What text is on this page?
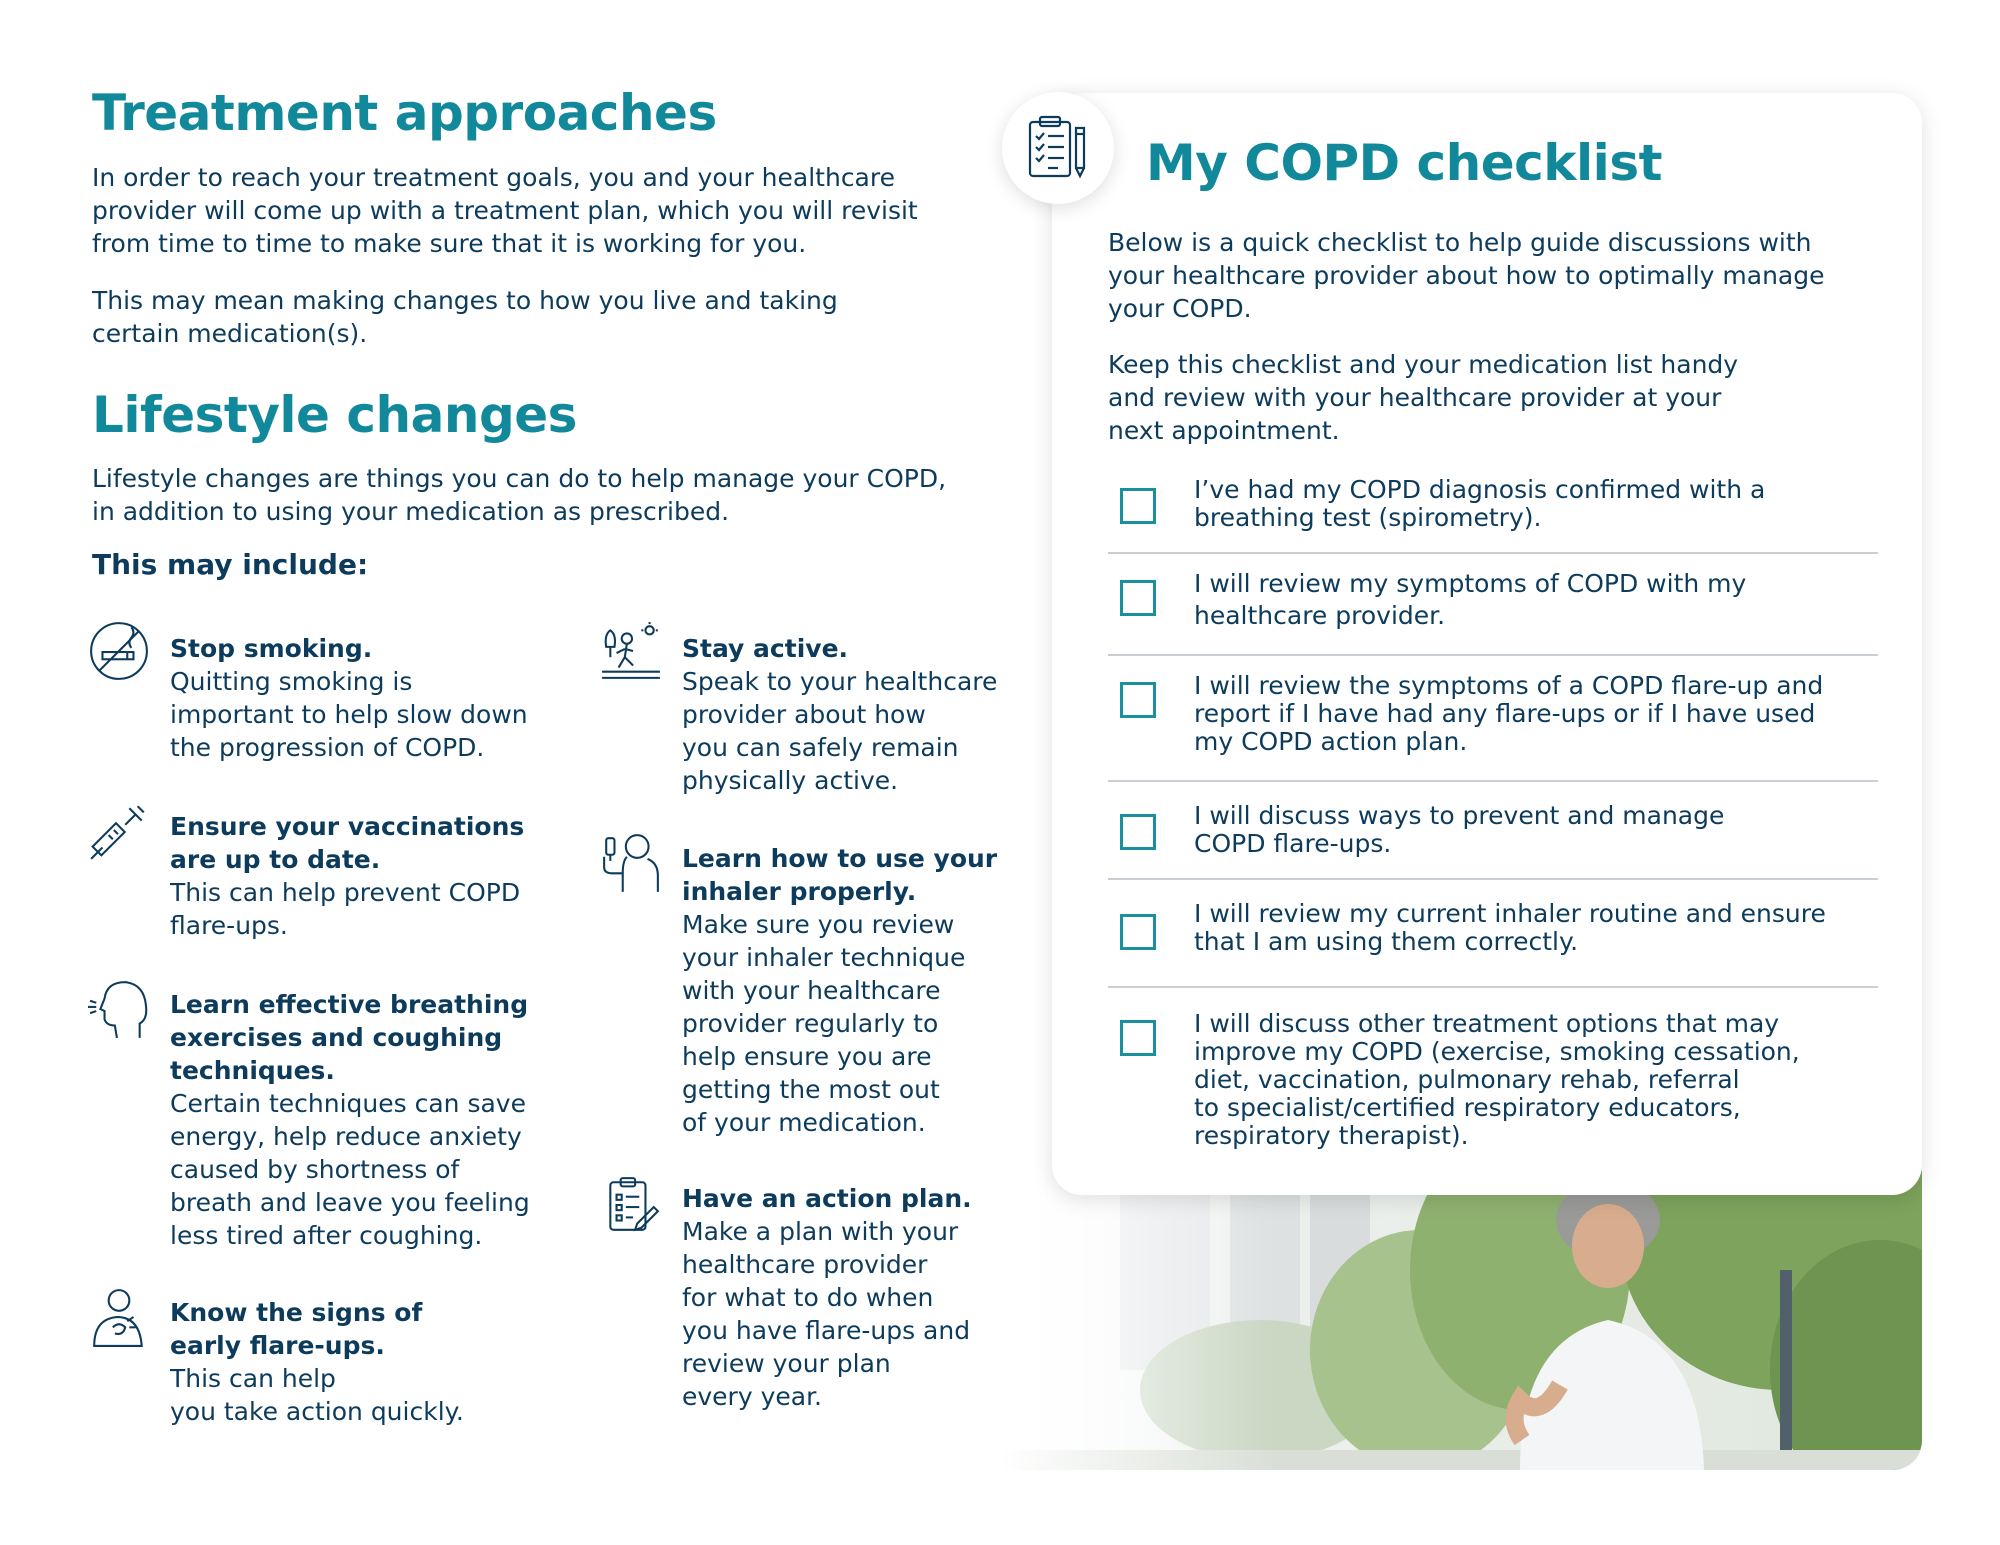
Treatment approaches
In order to reach your treatment goals, you and your healthcare
provider will come up with a treatment plan, which you will revisit
from time to time to make sure that it is working for you.
This may mean making changes to how you live and taking
certain medication(s).
Lifestyle changes
Lifestyle changes are things you can do to help manage your COPD,
in addition to using your medication as prescribed.
This may include:
Stop smoking.
Quitting smoking is
important to help slow down
the progression of COPD.
Ensure your vaccinations
are up to date.
This can help prevent COPD
flare-ups.
Learn effective breathing
exercises and coughing
techniques.
Certain techniques can save
energy, help reduce anxiety
caused by shortness of
breath and leave you feeling
less tired after coughing.
Know the signs of
early flare-ups.
This can help
you take action quickly.
Stay active.
Speak to your healthcare
provider about how
you can safely remain
physically active.
Learn how to use your
inhaler properly.
Make sure you review
your inhaler technique
with your healthcare
provider regularly to
help ensure you are
getting the most out
of your medication.
Have an action plan.
Make a plan with your
healthcare provider
for what to do when
you have flare-ups and
review your plan
every year.
My COPD checklist
Below is a quick checklist to help guide discussions with
your healthcare provider about how to optimally manage
your COPD.
Keep this checklist and your medication list handy
and review with your healthcare provider at your
next appointment.
I’ve had my COPD diagnosis confirmed with a
breathing test (spirometry).
I will review my symptoms of COPD with my
healthcare provider.
I will review the symptoms of a COPD flare-up and
report if I have had any flare-ups or if I have used
my COPD action plan.
I will discuss ways to prevent and manage
COPD flare-ups.
I will review my current inhaler routine and ensure
that I am using them correctly.
I will discuss other treatment options that may
improve my COPD (exercise, smoking cessation,
diet, vaccination, pulmonary rehab, referral
to specialist/certified respiratory educators,
respiratory therapist).
